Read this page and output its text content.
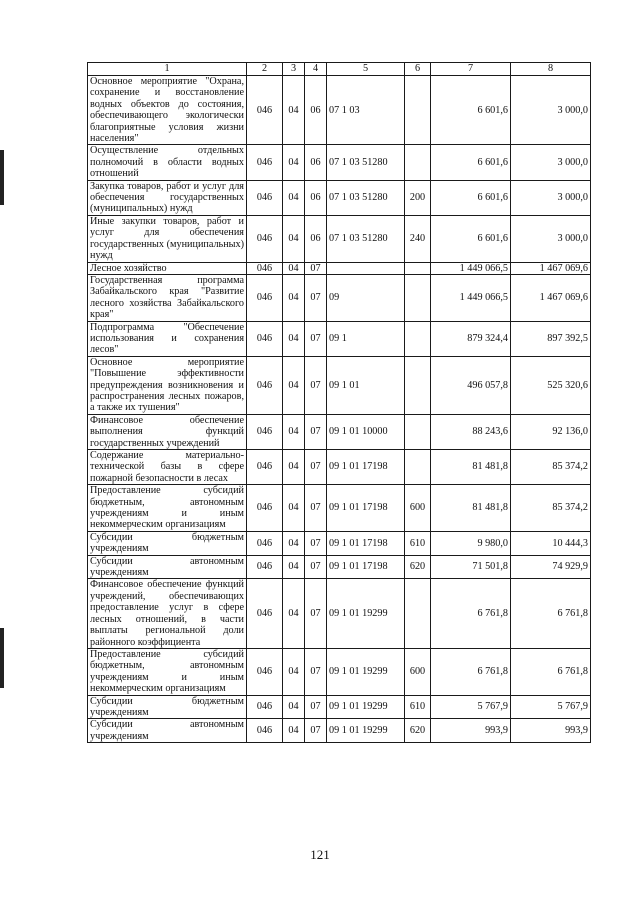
1	2	3	4	5	6	7	8
Основное мероприятие "Охрана, сохранение и восстановление водных объектов до состояния, обеспечивающего экологически благоприятные условия жизни населения"	046	04	06	07 1 03		6 601,6	3 000,0
Осуществление отдельных полномочий в области водных отношений	046	04	06	07 1 03 51280		6 601,6	3 000,0
Закупка товаров, работ и услуг для обеспечения государственных (муниципальных) нужд	046	04	06	07 1 03 51280	200	6 601,6	3 000,0
Иные закупки товаров, работ и услуг для обеспечения государственных (муниципальных) нужд	046	04	06	07 1 03 51280	240	6 601,6	3 000,0
Лесное хозяйство	046	04	07			1 449 066,5	1 467 069,6
Государственная программа Забайкальского края "Развитие лесного хозяйства Забайкальского края"	046	04	07	09		1 449 066,5	1 467 069,6
Подпрограмма "Обеспечение использования и сохранения лесов"	046	04	07	09 1		879 324,4	897 392,5
Основное мероприятие "Повышение эффективности предупреждения возникновения и распространения лесных пожаров, а также их тушения"	046	04	07	09 1 01		496 057,8	525 320,6
Финансовое обеспечение выполнения функций государственных учреждений	046	04	07	09 1 01 10000		88 243,6	92 136,0
Содержание материально-технической базы в сфере пожарной безопасности в лесах	046	04	07	09 1 01 17198		81 481,8	85 374,2
Предоставление субсидий бюджетным, автономным учреждениям и иным некоммерческим организациям	046	04	07	09 1 01 17198	600	81 481,8	85 374,2
Субсидии бюджетным учреждениям	046	04	07	09 1 01 17198	610	9 980,0	10 444,3
Субсидии автономным учреждениям	046	04	07	09 1 01 17198	620	71 501,8	74 929,9
Финансовое обеспечение функций учреждений, обеспечивающих предоставление услуг в сфере лесных отношений, в части выплаты региональной доли районного коэффициента	046	04	07	09 1 01 19299		6 761,8	6 761,8
Предоставление субсидий бюджетным, автономным учреждениям и иным некоммерческим организациям	046	04	07	09 1 01 19299	600	6 761,8	6 761,8
Субсидии бюджетным учреждениям	046	04	07	09 1 01 19299	610	5 767,9	5 767,9
Субсидии автономным учреждениям	046	04	07	09 1 01 19299	620	993,9	993,9
121
